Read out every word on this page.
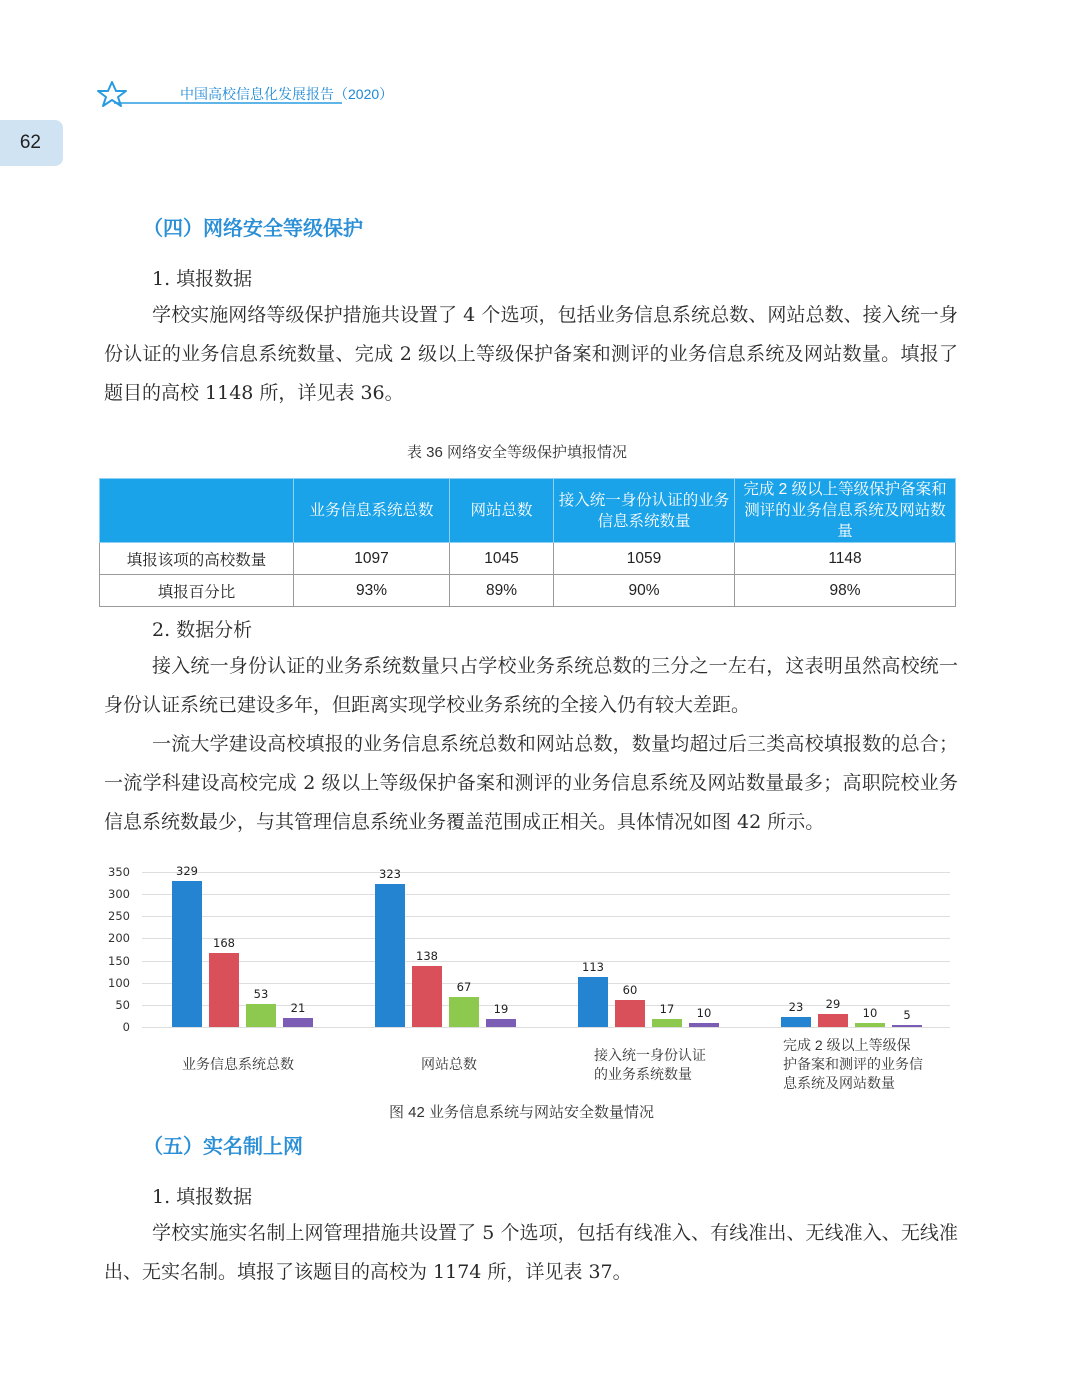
中国高校信息化发展报告（2020）
62
（四）网络安全等级保护
1. 填报数据

学校实施网络等级保护措施共设置了 4 个选项，包括业务信息系统总数、网站总数、接入统一身份认证的业务信息系统数量、完成 2 级以上等级保护备案和测评的业务信息系统及网站数量。填报了题目的高校 1148 所，详见表 36。

表 36 网络安全等级保护填报情况
	业务信息系统总数	网站总数	接入统一身份认证的业务信息系统数量	完成 2 级以上等级保护备案和测评的业务信息系统及网站数量
填报该项的高校数量	1097	1045	1059	1148
填报百分比	93%	89%	90%	98%
2. 数据分析

接入统一身份认证的业务系统数量只占学校业务系统总数的三分之一左右，这表明虽然高校统一身份认证系统已建设多年，但距离实现学校业务系统的全接入仍有较大差距。

一流大学建设高校填报的业务信息系统总数和网站总数，数量均超过后三类高校填报数的总合；一流学科建设高校完成 2 级以上等级保护备案和测评的业务信息系统及网站数量最多；高职院校业务信息系统数最少，与其管理信息系统业务覆盖范围成正相关。具体情况如图 42 所示。

0
50
100
150
200
250
300
350	329	323
113
23
168
138
60
29
53	67
17	10
21	19	10	5
业务信息系统总数	网站总数
接入统一身份认证
的业务系统数量
完成 2 级以上等级保
护备案和测评的业务信
息系统及网站数量
图 42 业务信息系统与网站安全数量情况
（五）实名制上网
1. 填报数据

学校实施实名制上网管理措施共设置了 5 个选项，包括有线准入、有线准出、无线准入、无线准出、无实名制。填报了该题目的高校为 1174 所，详见表 37。
